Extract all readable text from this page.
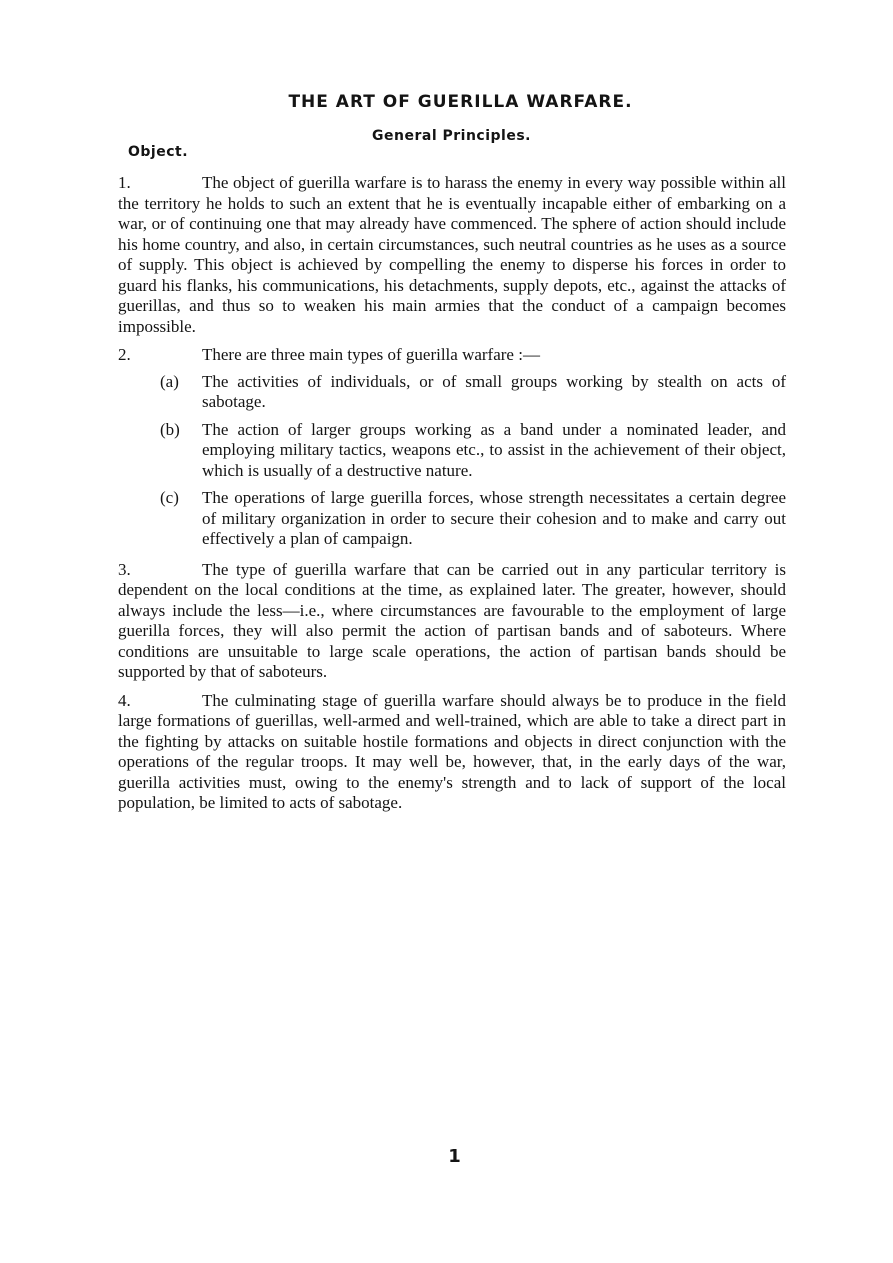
THE ART OF GUERILLA WARFARE.
General Principles.
Object.

1.	The object of guerilla warfare is to harass the enemy in every way possible within all the territory he holds to such an extent that he is eventually incapable either of embarking on a war, or of continuing one that may already have commenced. The sphere of action should include his home country, and also, in certain circumstances, such neutral countries as he uses as a source of supply. This object is achieved by compelling the enemy to disperse his forces in order to guard his flanks, his communications, his detachments, supply depots, etc., against the attacks of guerillas, and thus so to weaken his main armies that the conduct of a campaign becomes impossible.

2.	There are three main types of guerilla warfare :—

(a) The activities of individuals, or of small groups working by stealth on acts of sabotage.
(b) The action of larger groups working as a band under a nominated leader, and employing military tactics, weapons etc., to assist in the achievement of their object, which is usually of a destructive nature.
(c) The operations of large guerilla forces, whose strength necessitates a certain degree of military organization in order to secure their cohesion and to make and carry out effectively a plan of campaign.

3.	The type of guerilla warfare that can be carried out in any particular territory is dependent on the local conditions at the time, as explained later. The greater, however, should always include the less—i.e., where circumstances are favourable to the employment of large guerilla forces, they will also permit the action of partisan bands and of saboteurs. Where conditions are unsuitable to large scale operations, the action of partisan bands should be supported by that of saboteurs.

4.	The culminating stage of guerilla warfare should always be to produce in the field large formations of guerillas, well-armed and well-trained, which are able to take a direct part in the fighting by attacks on suitable hostile formations and objects in direct conjunction with the operations of the regular troops. It may well be, however, that, in the early days of the war, guerilla activities must, owing to the enemy's strength and to lack of support of the local population, be limited to acts of sabotage.

1
